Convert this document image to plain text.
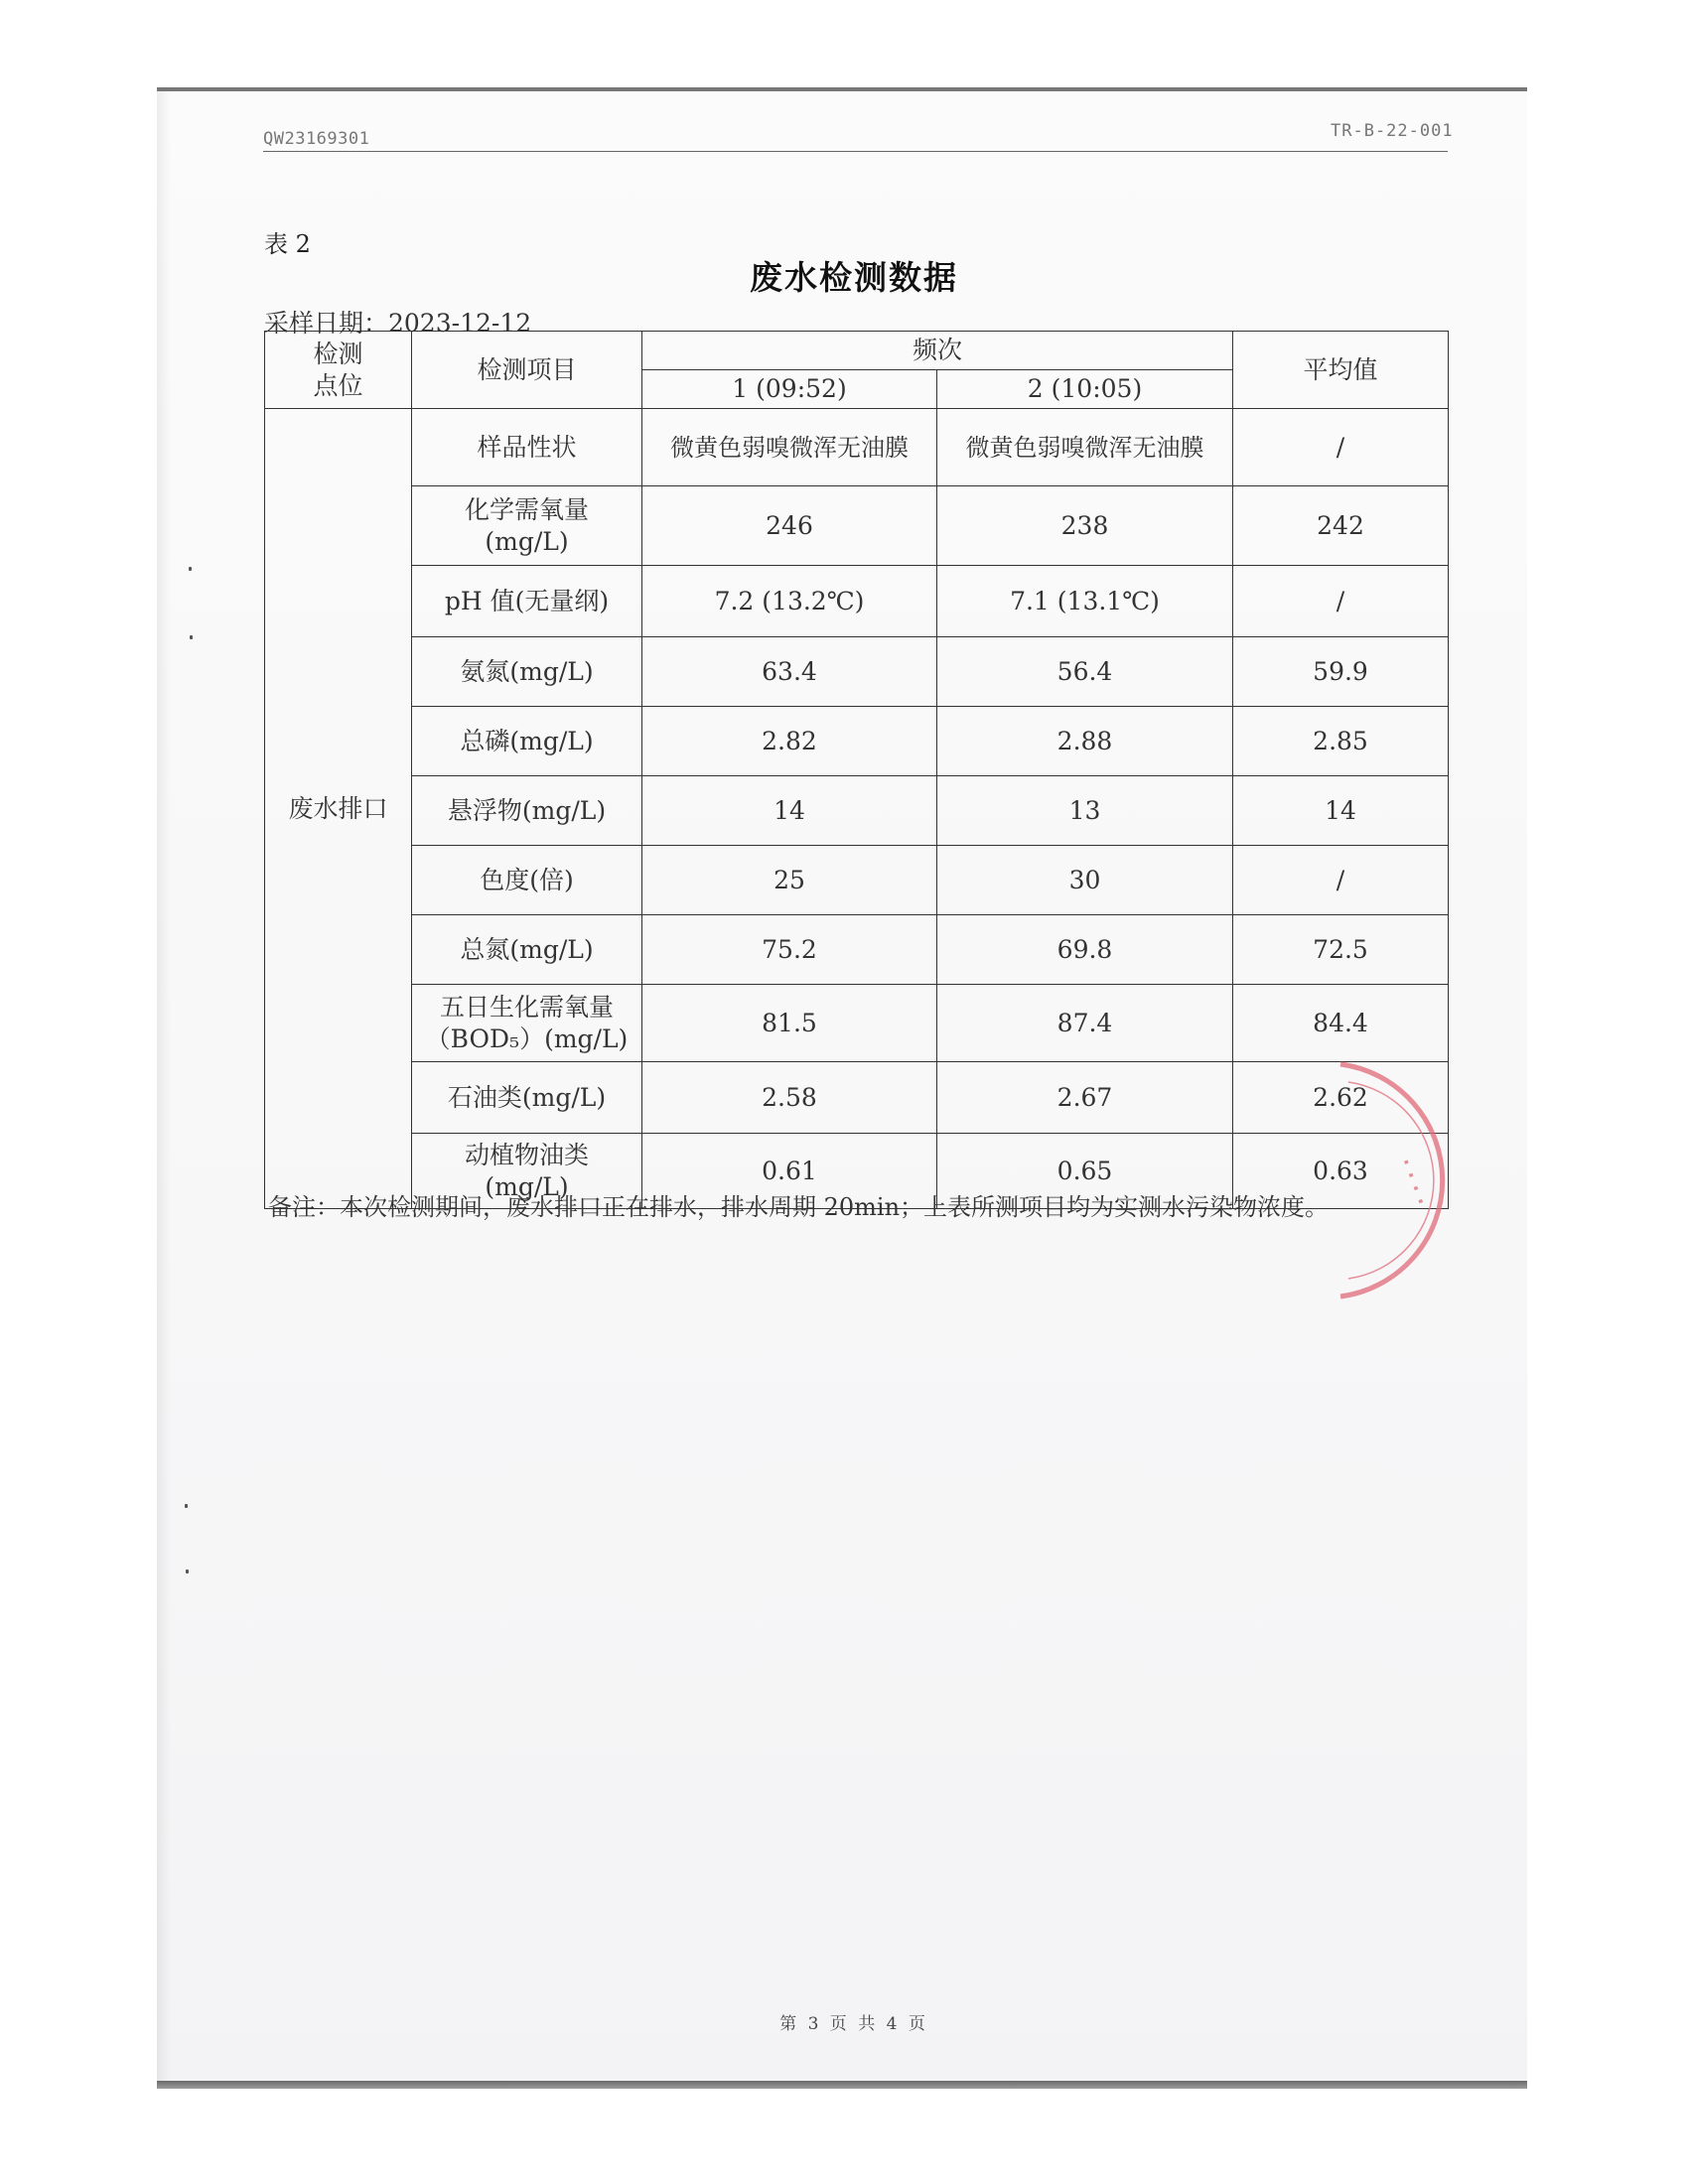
QW23169301	TR-B-22-001
表 2
废水检测数据
采样日期：2023-12-12
检测
点位	检测项目	频次		平均值
		1 (09:52)	2 (10:05)	
废水排口	样品性状	微黄色弱嗅微浑无油膜	微黄色弱嗅微浑无油膜	/
	化学需氧量
(mg/L)	246	238	242
	pH 值(无量纲)	7.2 (13.2℃)	7.1 (13.1℃)	/
	氨氮(mg/L)	63.4	56.4	59.9
	总磷(mg/L)	2.82	2.88	2.85
	悬浮物(mg/L)	14	13	14
	色度(倍)	25	30	/
	总氮(mg/L)	75.2	69.8	72.5
	五日生化需氧量
（BOD₅）(mg/L)	81.5	87.4	84.4
	石油类(mg/L)	2.58	2.67	2.62
	动植物油类
(mg/L)	0.61	0.65	0.63
备注：本次检测期间，废水排口正在排水，排水周期 20min；上表所测项目均为实测水污染物浓度。	· · · ·
第 3 页 共 4 页
